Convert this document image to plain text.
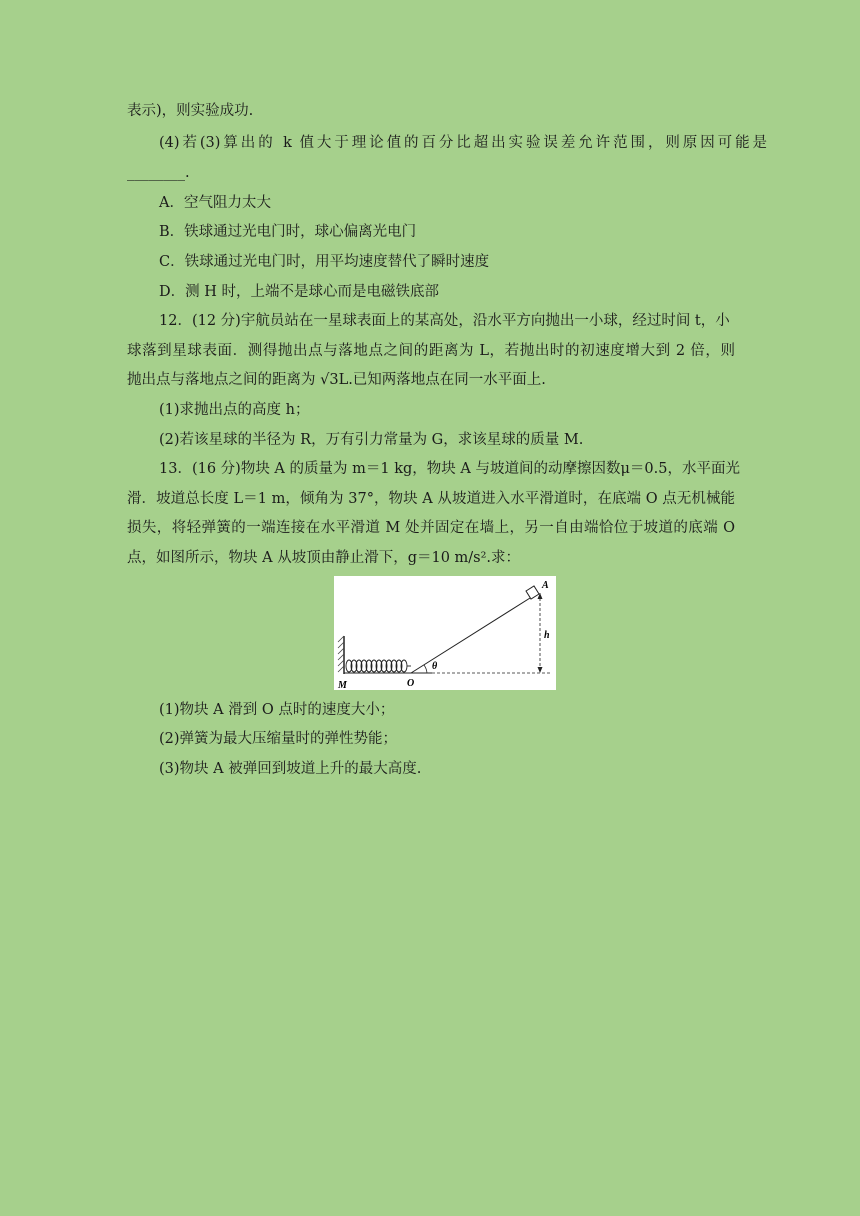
表示)，则实验成功.
(4)若(3)算出的 k 值大于理论值的百分比超出实验误差允许范围，则原因可能是
________.
A．空气阻力太大
B．铁球通过光电门时，球心偏离光电门
C．铁球通过光电门时，用平均速度替代了瞬时速度
D．测 H 时，上端不是球心而是电磁铁底部
12．(12 分)宇航员站在一星球表面上的某高处，沿水平方向抛出一小球，经过时间 t，小
球落到星球表面．测得抛出点与落地点之间的距离为 L，若抛出时的初速度增大到 2 倍，则
抛出点与落地点之间的距离为 √3L.已知两落地点在同一水平面上.
(1)求抛出点的高度 h；
(2)若该星球的半径为 R，万有引力常量为 G，求该星球的质量 M.
13．(16 分)物块 A 的质量为 m＝1 kg，物块 A 与坡道间的动摩擦因数μ＝0.5，水平面光
滑．坡道总长度 L＝1 m，倾角为 37°，物块 A 从坡道进入水平滑道时，在底端 O 点无机械能
损失，将轻弹簧的一端连接在水平滑道 M 处并固定在墙上，另一自由端恰位于坡道的底端 O
点，如图所示，物块 A 从坡顶由静止滑下，g＝10 m/s².求：
A
h
θ
O
M
(1)物块 A 滑到 O 点时的速度大小；
(2)弹簧为最大压缩量时的弹性势能；
(3)物块 A 被弹回到坡道上升的最大高度.
